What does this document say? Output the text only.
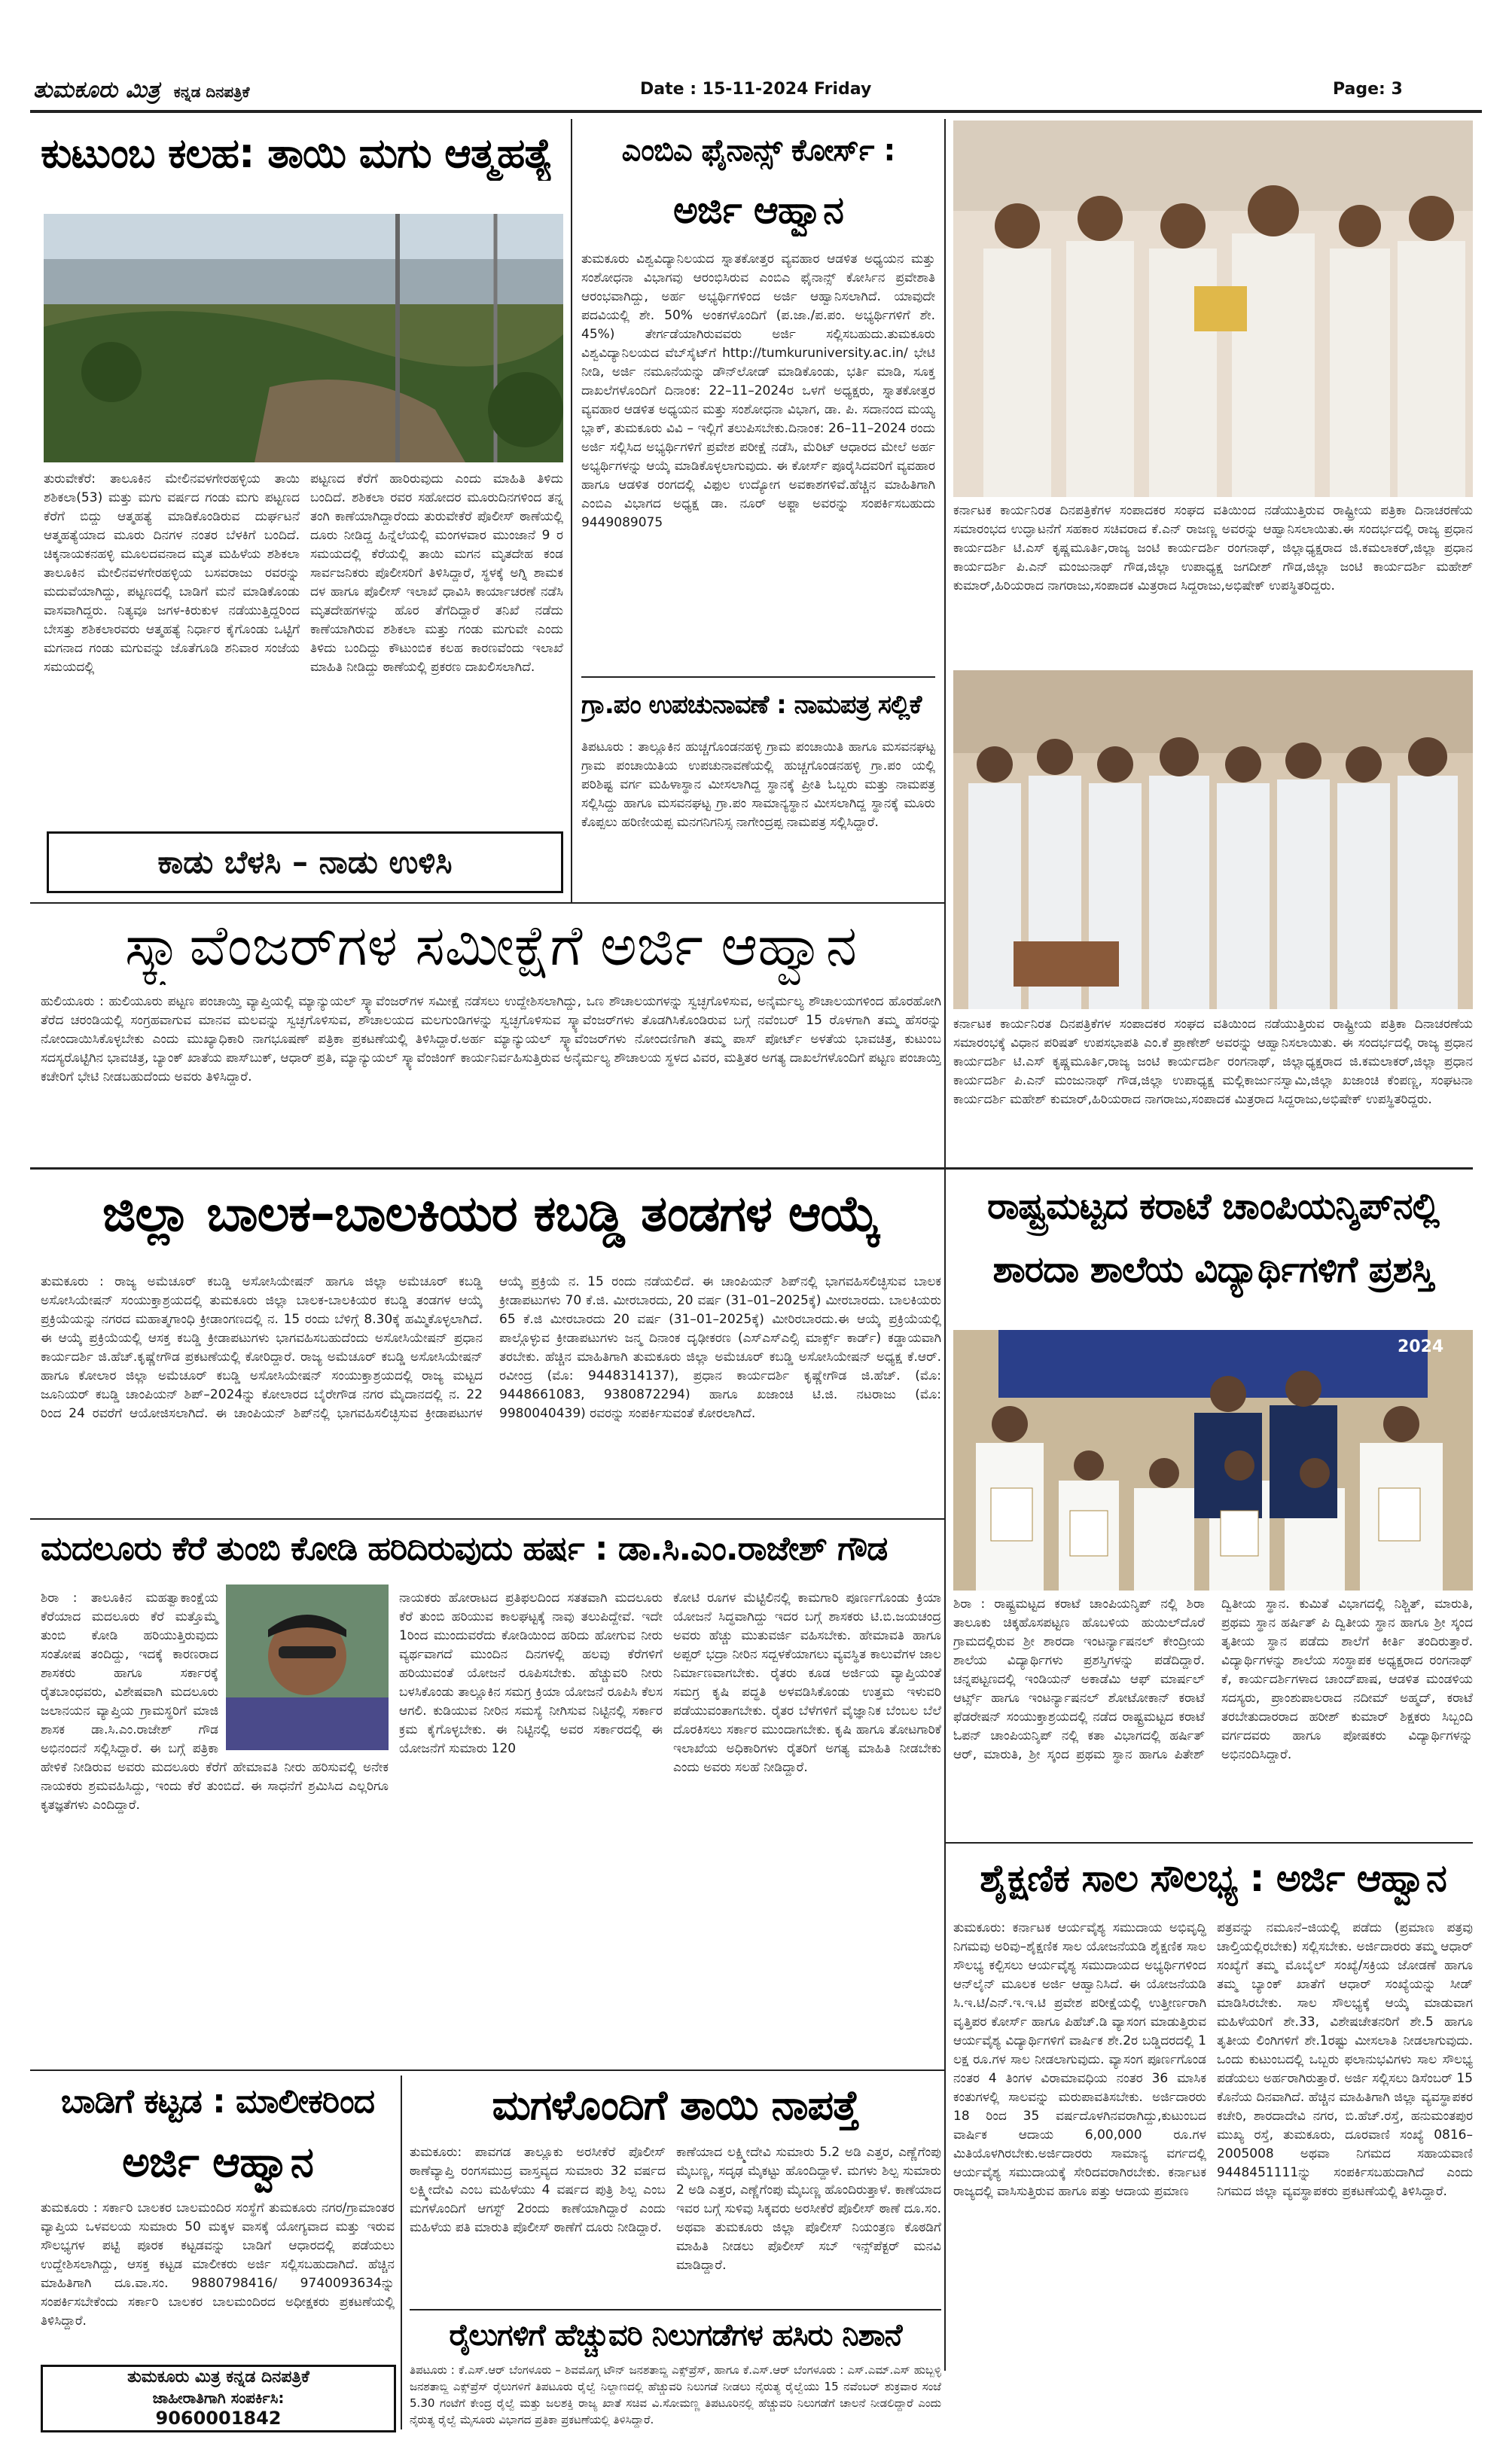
ತುಮಕೂರು ಮಿತ್ರ ಕನ್ನಡ ದಿನಪತ್ರಿಕೆ	Date : 15-11-2024 Friday	Page: 3
ಕುಟುಂಬ ಕಲಹ: ತಾಯಿ ಮಗು ಆತ್ಮಹತ್ಯೆ
ತುರುವೇಕೆರೆ: ತಾಲೂಕಿನ ಮೇಲಿನವಳಗೇರಹಳ್ಳಿಯ ತಾಯಿ ಶಶಿಕಲಾ(53) ಮತ್ತು ಮಗು ವರ್ಷದ ಗಂಡು ಮಗು ಪಟ್ಟಣದ ಕೆರೆಗೆ ಬಿದ್ದು ಆತ್ಮಹತ್ಯೆ ಮಾಡಿಕೊಂಡಿರುವ ದುರ್ಘಟನೆ ಆತ್ಮಹತ್ಯೆಯಾದ ಮೂರು ದಿನಗಳ ನಂತರ ಬೆಳಕಿಗೆ ಬಂದಿದೆ. ಚಿಕ್ಕನಾಯಕನಹಳ್ಳಿ ಮೂಲದವನಾದ ಮೃತ ಮಹಿಳೆಯ ಶಶಿಕಲಾ ತಾಲೂಕಿನ ಮೇಲಿನವಳಗೇರಹಳ್ಳಿಯ ಬಸವರಾಜು ರವರನ್ನು ಮದುವೆಯಾಗಿದ್ದು, ಪಟ್ಟಣದಲ್ಲಿ ಬಾಡಿಗೆ ಮನೆ ಮಾಡಿಕೊಂಡು ವಾಸವಾಗಿದ್ದರು. ನಿತ್ಯವೂ ಜಗಳ-ಕಿರುಕುಳ ನಡೆಯುತ್ತಿದ್ದರಿಂದ ಬೇಸತ್ತು ಶಶಿಕಲಾರವರು ಆತ್ಮಹತ್ಯೆ ನಿರ್ಧಾರ ಕೈಗೊಂಡು ಒಟ್ಟಿಗೆ ಮಗನಾದ ಗಂಡು ಮಗುವನ್ನು ಜೊತೆಗೂಡಿ ಶನಿವಾರ ಸಂಜೆಯ ಸಮಯದಲ್ಲಿ
ಪಟ್ಟಣದ ಕೆರೆಗೆ ಹಾರಿರುವುದು ಎಂದು ಮಾಹಿತಿ ತಿಳಿದು ಬಂದಿದೆ. ಶಶಿಕಲಾ ರವರ ಸಹೋದರ ಮೂರುದಿನಗಳಿಂದ ತನ್ನ ತಂಗಿ ಕಾಣೆಯಾಗಿದ್ದಾರೆಂದು ತುರುವೇಕೆರೆ ಪೊಲೀಸ್ ಠಾಣೆಯಲ್ಲಿ ದೂರು ನೀಡಿದ್ದ ಹಿನ್ನೆಲೆಯಲ್ಲಿ ಮಂಗಳವಾರ ಮುಂಜಾನೆ 9 ರ ಸಮಯದಲ್ಲಿ ಕೆರೆಯಲ್ಲಿ ತಾಯಿ ಮಗನ ಮೃತದೇಹ ಕಂಡ ಸಾರ್ವಜನಿಕರು ಪೊಲೀಸರಿಗೆ ತಿಳಿಸಿದ್ದಾರೆ, ಸ್ಥಳಕ್ಕೆ ಅಗ್ನಿ ಶಾಮಕ ದಳ ಹಾಗೂ ಪೊಲೀಸ್ ಇಲಾಖೆ ಧಾವಿಸಿ ಕಾರ್ಯಾಚರಣೆ ನಡೆಸಿ ಮೃತದೇಹಗಳನ್ನು ಹೊರ ತೆಗೆದಿದ್ದಾರೆ ತನಿಖೆ ನಡೆದು ಕಾಣೆಯಾಗಿರುವ ಶಶಿಕಲಾ ಮತ್ತು ಗಂಡು ಮಗುವೇ ಎಂದು ತಿಳಿದು ಬಂದಿದ್ದು ಕೌಟುಂಬಿಕ ಕಲಹ ಕಾರಣವೆಂದು ಇಲಾಖೆ ಮಾಹಿತಿ ನೀಡಿದ್ದು ಠಾಣೆಯಲ್ಲಿ ಪ್ರಕರಣ ದಾಖಲಿಸಲಾಗಿದೆ.
ಕಾಡು ಬೆಳಸಿ – ನಾಡು ಉಳಿಸಿ
ಎಂಬಿಎ ಫೈನಾನ್ಸ್ ಕೋರ್ಸ್ :
ಅರ್ಜಿ ಆಹ್ವಾನ
ತುಮಕೂರು ವಿಶ್ವವಿದ್ಯಾನಿಲಯದ ಸ್ನಾತಕೋತ್ತರ ವ್ಯವಹಾರ ಆಡಳಿತ ಅಧ್ಯಯನ ಮತ್ತು ಸಂಶೋಧನಾ ವಿಭಾಗವು ಆರಂಭಿಸಿರುವ ಎಂಬಿಎ ಫೈನಾನ್ಸ್ ಕೋರ್ಸಿನ ಪ್ರವೇಶಾತಿ ಆರಂಭವಾಗಿದ್ದು, ಅರ್ಹ ಅಭ್ಯರ್ಥಿಗಳಿಂದ ಅರ್ಜಿ ಆಹ್ವಾನಿಸಲಾಗಿದೆ. ಯಾವುದೇ ಪದವಿಯಲ್ಲಿ ಶೇ. 50% ಅಂಕಗಳೊಂದಿಗೆ (ಪ.ಜಾ./ಪ.ಪಂ. ಅಭ್ಯರ್ಥಿಗಳಿಗೆ ಶೇ. 45%) ತೇರ್ಗಡೆಯಾಗಿರುವವರು ಅರ್ಜಿ ಸಲ್ಲಿಸಬಹುದು.ತುಮಕೂರು ವಿಶ್ವವಿದ್ಯಾನಿಲಯದ ವೆಬ್‌ಸೈಟ್‌ಗೆ http://tumkuruniversity.ac.in/ ಭೇಟಿ ನೀಡಿ, ಅರ್ಜಿ ನಮೂನೆಯನ್ನು ಡೌನ್‌ಲೋಡ್ ಮಾಡಿಕೊಂಡು, ಭರ್ತಿ ಮಾಡಿ, ಸೂಕ್ತ ದಾಖಲೆಗಳೊಂದಿಗೆ ದಿನಾಂಕ: 22–11–2024ರ ಒಳಗೆ ಅಧ್ಯಕ್ಷರು, ಸ್ನಾತಕೋತ್ತರ ವ್ಯವಹಾರ ಆಡಳಿತ ಅಧ್ಯಯನ ಮತ್ತು ಸಂಶೋಧನಾ ವಿಭಾಗ, ಡಾ. ಪಿ. ಸದಾನಂದ ಮಯ್ಯ ಬ್ಲಾಕ್, ತುಮಕೂರು ವಿವಿ – ಇಲ್ಲಿಗೆ ತಲುಪಿಸಬೇಕು.ದಿನಾಂಕ: 26–11–2024 ರಂದು ಅರ್ಜಿ ಸಲ್ಲಿಸಿದ ಅಭ್ಯರ್ಥಿಗಳಿಗೆ ಪ್ರವೇಶ ಪರೀಕ್ಷೆ ನಡೆಸಿ, ಮೆರಿಟ್ ಆಧಾರದ ಮೇಲೆ ಅರ್ಹ ಅಭ್ಯರ್ಥಿಗಳನ್ನು ಆಯ್ಕೆ ಮಾಡಿಕೊಳ್ಳಲಾಗುವುದು. ಈ ಕೋರ್ಸ್ ಪೂರೈಸಿದವರಿಗೆ ವ್ಯವಹಾರ ಹಾಗೂ ಆಡಳಿತ ರಂಗದಲ್ಲಿ ವಿಫುಲ ಉದ್ಯೋಗ ಅವಕಾಶಗಳಿವೆ.ಹೆಚ್ಚಿನ ಮಾಹಿತಿಗಾಗಿ ಎಂಬಿಎ ವಿಭಾಗದ ಅಧ್ಯಕ್ಷ ಡಾ. ನೂರ್ ಅಫ್ಜಾ ಅವರನ್ನು ಸಂಪರ್ಕಿಸಬಹುದು 9449089075
ಗ್ರಾ.ಪಂ ಉಪಚುನಾವಣೆ : ನಾಮಪತ್ರ ಸಲ್ಲಿಕೆ
ತಿಪಟೂರು : ತಾಲ್ಲೂಕಿನ ಹುಚ್ಚಗೊಂಡನಹಳ್ಳಿ ಗ್ರಾಮ ಪಂಚಾಯಿತಿ ಹಾಗೂ ಮಸವನಘಟ್ಟ ಗ್ರಾಮ ಪಂಚಾಯಿತಿಯ ಉಪಚುನಾವಣೆಯಲ್ಲಿ ಹುಚ್ಚಗೊಂಡನಹಳ್ಳಿ ಗ್ರಾ.ಪಂ ಯಲ್ಲಿ ಪರಿಶಿಷ್ಟ ವರ್ಗ ಮಹಿಳಾಸ್ಥಾನ ಮೀಸಲಾಗಿದ್ದ ಸ್ಥಾನಕ್ಕೆ ಪ್ರೀತಿ ಓಬ್ಬರು ಮತ್ತು ನಾಮಪತ್ರ ಸಲ್ಲಿಸಿದ್ದು ಹಾಗೂ ಮಸವನಘಟ್ಟ ಗ್ರಾ.ಪಂ ಸಾಮಾನ್ಯಸ್ಥಾನ ಮೀಸಲಾಗಿದ್ದ ಸ್ಥಾನಕ್ಕೆ ಮೂರು ಕೊಪ್ಪಲು ಹರಿಣೀಯಪ್ಪ ಮನಗನಿಗನಿಸ್ಸ ನಾಗೇಂದ್ರಪ್ಪ ನಾಮಪತ್ರ ಸಲ್ಲಿಸಿದ್ದಾರೆ.
ಕರ್ನಾಟಕ ಕಾರ್ಯನಿರತ ದಿನಪತ್ರಿಕೆಗಳ ಸಂಪಾದಕರ ಸಂಘದ ವತಿಯಿಂದ ನಡೆಯುತ್ತಿರುವ ರಾಷ್ಟ್ರೀಯ ಪತ್ರಿಕಾ ದಿನಾಚರಣೆಯ ಸಮಾರಂಭದ ಉದ್ಘಾಟನೆಗೆ ಸಹಕಾರ ಸಚಿವರಾದ ಕೆ.ಎನ್ ರಾಜಣ್ಣ ಅವರನ್ನು ಆಹ್ವಾನಿಸಲಾಯಿತು.ಈ ಸಂದರ್ಭದಲ್ಲಿ ರಾಜ್ಯ ಪ್ರಧಾನ ಕಾರ್ಯದರ್ಶಿ ಟಿ.ಎಸ್ ಕೃಷ್ಣಮೂರ್ತಿ,ರಾಜ್ಯ ಜಂಟಿ ಕಾರ್ಯದರ್ಶಿ ರಂಗನಾಥ್, ಜಿಲ್ಲಾಧ್ಯಕ್ಷರಾದ ಜಿ.ಕಮಲಾಕರ್,ಜಿಲ್ಲಾ ಪ್ರಧಾನ ಕಾರ್ಯದರ್ಶಿ ಪಿ.ಎನ್ ಮಂಜುನಾಥ್ ಗೌಡ,ಜಿಲ್ಲಾ ಉಪಾಧ್ಯಕ್ಷ ಜಗದೀಶ್ ಗೌಡ,ಜಿಲ್ಲಾ ಜಂಟಿ ಕಾರ್ಯದರ್ಶಿ ಮಹೇಶ್ ಕುಮಾರ್,ಹಿರಿಯರಾದ ನಾಗರಾಜು,ಸಂಪಾದಕ ಮಿತ್ರರಾದ ಸಿದ್ದರಾಜು,ಅಭಿಷೇಕ್ ಉಪಸ್ಥಿತರಿದ್ದರು.
ಕರ್ನಾಟಕ ಕಾರ್ಯನಿರತ ದಿನಪತ್ರಿಕೆಗಳ ಸಂಪಾದಕರ ಸಂಘದ ವತಿಯಿಂದ ನಡೆಯುತ್ತಿರುವ ರಾಷ್ಟ್ರೀಯ ಪತ್ರಿಕಾ ದಿನಾಚರಣೆಯ ಸಮಾರಂಭಕ್ಕೆ ವಿಧಾನ ಪರಿಷತ್ ಉಪಸಭಾಪತಿ ಎಂ.ಕೆ ಪ್ರಾಣೇಶ್ ಅವರನ್ನು ಆಹ್ವಾನಿಸಲಾಯಿತು. ಈ ಸಂದರ್ಭದಲ್ಲಿ ರಾಜ್ಯ ಪ್ರಧಾನ ಕಾರ್ಯದರ್ಶಿ ಟಿ.ಎಸ್ ಕೃಷ್ಣಮೂರ್ತಿ,ರಾಜ್ಯ ಜಂಟಿ ಕಾರ್ಯದರ್ಶಿ ರಂಗನಾಥ್, ಜಿಲ್ಲಾಧ್ಯಕ್ಷರಾದ ಜಿ.ಕಮಲಾಕರ್,ಜಿಲ್ಲಾ ಪ್ರಧಾನ ಕಾರ್ಯದರ್ಶಿ ಪಿ.ಎನ್ ಮಂಜುನಾಥ್ ಗೌಡ,ಜಿಲ್ಲಾ ಉಪಾಧ್ಯಕ್ಷ ಮಲ್ಲಿಕಾರ್ಜುನಸ್ವಾಮಿ,ಜಿಲ್ಲಾ ಖಜಾಂಚಿ ಕೆಂಪಣ್ಣ, ಸಂಘಟನಾ ಕಾರ್ಯದರ್ಶಿ ಮಹೇಶ್ ಕುಮಾರ್,ಹಿರಿಯರಾದ ನಾಗರಾಜು,ಸಂಪಾದಕ ಮಿತ್ರರಾದ ಸಿದ್ದರಾಜು,ಅಭಿಷೇಕ್ ಉಪಸ್ಥಿತರಿದ್ದರು.
ಸ್ಕ್ಯಾವೆಂಜರ್‌ಗಳ ಸಮೀಕ್ಷೆಗೆ ಅರ್ಜಿ ಆಹ್ವಾನ
ಹುಲಿಯೂರು : ಹುಲಿಯೂರು ಪಟ್ಟಣ ಪಂಚಾಯ್ತಿ ವ್ಯಾಪ್ತಿಯಲ್ಲಿ ಮ್ಯಾನ್ಯುಯಲ್ ಸ್ಕ್ಯಾವೆಂಜರ್‌ಗಳ ಸಮೀಕ್ಷೆ ನಡೆಸಲು ಉದ್ದೇಶಿಸಲಾಗಿದ್ದು, ಒಣ ಶೌಚಾಲಯಗಳನ್ನು ಸ್ವಚ್ಛಗೊಳಿಸುವ, ಅನೈರ್ಮಲ್ಯ ಶೌಚಾಲಯಗಳಿಂದ ಹೊರಹೋಗಿ ತೆರೆದ ಚರಂಡಿಯಲ್ಲಿ ಸಂಗ್ರಹವಾಗುವ ಮಾನವ ಮಲವನ್ನು ಸ್ವಚ್ಛಗೊಳಿಸುವ, ಶೌಚಾಲಯದ ಮಲಗುಂಡಿಗಳನ್ನು ಸ್ವಚ್ಛಗೊಳಿಸುವ ಸ್ಕ್ಯಾವೆಂಜರ್‌ಗಳು ತೊಡಗಿಸಿಕೊಂಡಿರುವ ಬಗ್ಗೆ ನವೆಂಬರ್ 15 ರೊಳಗಾಗಿ ತಮ್ಮ ಹೆಸರನ್ನು ನೋಂದಾಯಿಸಿಕೊಳ್ಳಬೇಕು ಎಂದು ಮುಖ್ಯಾಧಿಕಾರಿ ನಾಗಭೂಷಣ್ ಪತ್ರಿಕಾ ಪ್ರಕಟಣೆಯಲ್ಲಿ ತಿಳಿಸಿದ್ದಾರೆ.ಅರ್ಹ ಮ್ಯಾನ್ಯುಯಲ್ ಸ್ಕ್ಯಾವೆಂಜರ್‌ಗಳು ನೋಂದಣಿಗಾಗಿ ತಮ್ಮ ಪಾಸ್ ಪೋರ್ಟ್ ಅಳತೆಯ ಭಾವಚಿತ್ರ, ಕುಟುಂಬ ಸದಸ್ಯರೊಟ್ಟಿಗಿನ ಭಾವಚಿತ್ರ, ಬ್ಯಾಂಕ್ ಖಾತೆಯ ಪಾಸ್‌ಬುಕ್, ಆಧಾರ್ ಪ್ರತಿ, ಮ್ಯಾನ್ಯುಯಲ್ ಸ್ಕ್ಯಾವೆಂಜಿಂಗ್ ಕಾರ್ಯನಿರ್ವಹಿಸುತ್ತಿರುವ ಅನೈರ್ಮಲ್ಯ ಶೌಚಾಲಯ ಸ್ಥಳದ ವಿವರ, ಮತ್ತಿತರ ಅಗತ್ಯ ದಾಖಲೆಗಳೊಂದಿಗೆ ಪಟ್ಟಣ ಪಂಚಾಯ್ತಿ ಕಚೇರಿಗೆ ಭೇಟಿ ನೀಡಬಹುದೆಂದು ಅವರು ತಿಳಿಸಿದ್ದಾರೆ.
ಜಿಲ್ಲಾ ಬಾಲಕ–ಬಾಲಕಿಯರ ಕಬಡ್ಡಿ ತಂಡಗಳ ಆಯ್ಕೆ
ತುಮಕೂರು : ರಾಜ್ಯ ಅಮೆಚೂರ್ ಕಬಡ್ಡಿ ಅಸೋಸಿಯೇಷನ್ ಹಾಗೂ ಜಿಲ್ಲಾ ಅಮೆಚೂರ್ ಕಬಡ್ಡಿ ಅಸೋಸಿಯೇಷನ್ ಸಂಯುಕ್ತಾಶ್ರಯದಲ್ಲಿ ತುಮಕೂರು ಜಿಲ್ಲಾ ಬಾಲಕ-ಬಾಲಕಿಯರ ಕಬಡ್ಡಿ ತಂಡಗಳ ಆಯ್ಕೆ ಪ್ರಕ್ರಿಯೆಯನ್ನು ನಗರದ ಮಹಾತ್ಮಗಾಂಧಿ ಕ್ರೀಡಾಂಗಣದಲ್ಲಿ ನ. 15 ರಂದು ಬೆಳಿಗ್ಗೆ 8.30ಕ್ಕೆ ಹಮ್ಮಿಕೊಳ್ಳಲಾಗಿದೆ. ಈ ಆಯ್ಕೆ ಪ್ರಕ್ರಿಯೆಯಲ್ಲಿ ಆಸಕ್ತ ಕಬಡ್ಡಿ ಕ್ರೀಡಾಪಟುಗಳು ಭಾಗವಹಿಸಬಹುದೆಂದು ಅಸೋಸಿಯೇಷನ್ ಪ್ರಧಾನ ಕಾರ್ಯದರ್ಶಿ ಜಿ.ಹೆಚ್.ಕೃಷ್ಣೇಗೌಡ ಪ್ರಕಟಣೆಯಲ್ಲಿ ಕೋರಿದ್ದಾರೆ. ರಾಜ್ಯ ಅಮೆಚೂರ್ ಕಬಡ್ಡಿ ಅಸೋಸಿಯೇಷನ್ ಹಾಗೂ ಕೋಲಾರ ಜಿಲ್ಲಾ ಅಮೆಚೂರ್ ಕಬಡ್ಡಿ ಅಸೋಸಿಯೇಷನ್ ಸಂಯುಕ್ತಾಶ್ರಯದಲ್ಲಿ ರಾಜ್ಯ ಮಟ್ಟದ ಜೂನಿಯರ್ ಕಬಡ್ಡಿ ಚಾಂಪಿಯನ್ ಶಿಪ್–2024ನ್ನು ಕೋಲಾರದ ಬೈರೇಗೌಡ ನಗರ ಮೈದಾನದಲ್ಲಿ ನ. 22 ರಿಂದ 24 ರವರೆಗೆ ಆಯೋಜಿಸಲಾಗಿದೆ. ಈ ಚಾಂಪಿಯನ್ ಶಿಪ್‌ನಲ್ಲಿ ಭಾಗವಹಿಸಲಿಚ್ಛಿಸುವ ಕ್ರೀಡಾಪಟುಗಳ ಆಯ್ಕೆ ಪ್ರಕ್ರಿಯೆ ನ. 15 ರಂದು ನಡೆಯಲಿದೆ. ಈ ಚಾಂಪಿಯನ್ ಶಿಪ್‌ನಲ್ಲಿ ಭಾಗವಹಿಸಲಿಚ್ಛಿಸುವ ಬಾಲಕ ಕ್ರೀಡಾಪಟುಗಳು 70 ಕೆ.ಜಿ. ಮೀರಬಾರದು, 20 ವರ್ಷ (31–01–2025ಕ್ಕೆ) ಮೀರಬಾರದು. ಬಾಲಕಿಯರು 65 ಕೆ.ಜಿ ಮೀರಬಾರದು 20 ವರ್ಷ (31–01–2025ಕ್ಕೆ) ಮೀರಿರಬಾರದು.ಈ ಆಯ್ಕೆ ಪ್ರಕ್ರಿಯೆಯಲ್ಲಿ ಪಾಲ್ಗೊಳ್ಳುವ ಕ್ರೀಡಾಪಟುಗಳು ಜನ್ಮ ದಿನಾಂಕ ದೃಢೀಕರಣ (ಎಸ್ಎಸ್ಎಲ್ಸಿ ಮಾರ್ಕ್ಸ್ ಕಾರ್ಡ್) ಕಡ್ಡಾಯವಾಗಿ ತರಬೇಕು. ಹೆಚ್ಚಿನ ಮಾಹಿತಿಗಾಗಿ ತುಮಕೂರು ಜಿಲ್ಲಾ ಅಮೆಚೂರ್ ಕಬಡ್ಡಿ ಅಸೋಸಿಯೇಷನ್ ಅಧ್ಯಕ್ಷ ಕೆ.ಆರ್. ರವೀಂದ್ರ (ಮೊ: 9448314137), ಪ್ರಧಾನ ಕಾರ್ಯದರ್ಶಿ ಕೃಷ್ಣೇಗೌಡ ಜಿ.ಹೆಚ್. (ಮೊ: 9448661083, 9380872294) ಹಾಗೂ ಖಜಾಂಚಿ ಟಿ.ಜಿ. ನಟರಾಜು (ಮೊ: 9980040439) ರವರನ್ನು ಸಂಪರ್ಕಿಸುವಂತೆ ಕೋರಲಾಗಿದೆ.
ರಾಷ್ಟ್ರಮಟ್ಟದ ಕರಾಟೆ ಚಾಂಪಿಯನ್ಶಿಪ್‌ನಲ್ಲಿ
ಶಾರದಾ ಶಾಲೆಯ ವಿದ್ಯಾರ್ಥಿಗಳಿಗೆ ಪ್ರಶಸ್ತಿ
2024
ಶಿರಾ : ರಾಷ್ಟ್ರಮಟ್ಟದ ಕರಾಟೆ ಚಾಂಪಿಯನ್ಶಿಪ್ ನಲ್ಲಿ ಶಿರಾ ತಾಲೂಕು ಚಿಕ್ಕಹೊಸಪಟ್ಟಣ ಹೊಬಳಿಯ ಹುಯಿಲ್‌ದೊರೆ ಗ್ರಾಮದಲ್ಲಿರುವ ಶ್ರೀ ಶಾರದಾ ಇಂಟರ್ನ್ಯಾಷನಲ್ ಕೇಂದ್ರೀಯ ಶಾಲೆಯ ವಿದ್ಯಾರ್ಥಿಗಳು ಪ್ರಶಸ್ತಿಗಳನ್ನು ಪಡೆದಿದ್ದಾರೆ. ಚನ್ನಪಟ್ಟಣದಲ್ಲಿ ಇಂಡಿಯನ್ ಅಕಾಡೆಮಿ ಆಫ್ ಮಾರ್ಷಲ್ ಆರ್ಟ್ಸ್ ಹಾಗೂ ಇಂಟರ್ನ್ಯಾಷನಲ್ ಶೋಟೋಕಾನ್ ಕರಾಟೆ ಫೆಡರೇಷನ್ ಸಂಯುಕ್ತಾಶ್ರಯದಲ್ಲಿ ನಡೆದ ರಾಷ್ಟ್ರಮಟ್ಟದ ಕರಾಟೆ ಓಪನ್ ಚಾಂಪಿಯನ್ಶಿಪ್ ನಲ್ಲಿ ಕತಾ ವಿಭಾಗದಲ್ಲಿ ಹರ್ಷಿತ್ ಆರ್, ಮಾರುತಿ, ಶ್ರೀ ಸ್ಕಂದ ಪ್ರಥಮ ಸ್ಥಾನ ಹಾಗೂ ಪಿತೇಶ್ ದ್ವಿತೀಯ ಸ್ಥಾನ. ಕುಮಿತೆ ವಿಭಾಗದಲ್ಲಿ ನಿಶ್ಚಿತ್, ಮಾರುತಿ, ಪ್ರಥಮ ಸ್ಥಾನ ಹರ್ಷಿತ್ ಪಿ ದ್ವಿತೀಯ ಸ್ಥಾನ ಹಾಗೂ ಶ್ರೀ ಸ್ಕಂದ ತೃತೀಯ ಸ್ಥಾನ ಪಡೆದು ಶಾಲೆಗೆ ಕೀರ್ತಿ ತಂದಿರುತ್ತಾರೆ. ವಿದ್ಯಾರ್ಥಿಗಳನ್ನು ಶಾಲೆಯ ಸಂಸ್ಥಾಪಕ ಅಧ್ಯಕ್ಷರಾದ ರಂಗನಾಥ್ ಕೆ, ಕಾರ್ಯದರ್ಶಿಗಳಾದ ಚಾಂದ್‌ಪಾಷ, ಆಡಳಿತ ಮಂಡಳಿಯ ಸದಸ್ಯರು, ಪ್ರಾಂಶುಪಾಲರಾದ ನದೀಮ್ ಅಹ್ಮದ್, ಕರಾಟೆ ತರಬೇತುದಾರರಾದ ಹರೀಶ್ ಕುಮಾರ್ ಶಿಕ್ಷಕರು ಸಿಬ್ಬಂದಿ ವರ್ಗದವರು ಹಾಗೂ ಪೋಷಕರು ವಿದ್ಯಾರ್ಥಿಗಳನ್ನು ಅಭಿನಂದಿಸಿದ್ದಾರೆ.
ಮದಲೂರು ಕೆರೆ ತುಂಬಿ ಕೋಡಿ ಹರಿದಿರುವುದು ಹರ್ಷ : ಡಾ.ಸಿ.ಎಂ.ರಾಜೇಶ್ ಗೌಡ
ಶಿರಾ : ತಾಲೂಕಿನ ಮಹತ್ವಾಕಾಂಕ್ಷೆಯ ಕೆರೆಯಾದ ಮದಲೂರು ಕೆರೆ ಮತ್ತೊಮ್ಮೆ ತುಂಬಿ ಕೋಡಿ ಹರಿಯುತ್ತಿರುವುದು ಸಂತೋಷ ತಂದಿದ್ದು, ಇದಕ್ಕೆ ಕಾರಣರಾದ ಶಾಸಕರು ಹಾಗೂ ಸರ್ಕಾರಕ್ಕೆ ರೈತಬಾಂಧವರು, ವಿಶೇಷವಾಗಿ ಮದಲೂರು ಜಲಾನಯನ ವ್ಯಾಪ್ತಿಯ ಗ್ರಾಮಸ್ಥರಿಗೆ ಮಾಜಿ ಶಾಸಕ ಡಾ.ಸಿ.ಎಂ.ರಾಜೇಶ್ ಗೌಡ ಅಭಿನಂದನೆ ಸಲ್ಲಿಸಿದ್ದಾರೆ. ಈ ಬಗ್ಗೆ ಪತ್ರಿಕಾ ಹೇಳಿಕೆ ನೀಡಿರುವ ಅವರು ಮದಲೂರು ಕೆರೆಗೆ ಹೇಮಾವತಿ ನೀರು ಹರಿಸುವಲ್ಲಿ ಅನೇಕ ನಾಯಕರು ಶ್ರಮವಹಿಸಿದ್ದು, ಇಂದು ಕೆರೆ ತುಂಬಿದೆ. ಈ ಸಾಧನೆಗೆ ಶ್ರಮಿಸಿದ ಎಲ್ಲರಿಗೂ ಕೃತಜ್ಞತೆಗಳು ಎಂದಿದ್ದಾರೆ.
ನಾಯಕರು ಹೋರಾಟದ ಪ್ರತಿಫಲದಿಂದ ಸತತವಾಗಿ ಮದಲೂರು ಕೆರೆ ತುಂಬಿ ಹರಿಯುವ ಕಾಲಘಟ್ಟಕ್ಕೆ ನಾವು ತಲುಪಿದ್ದೇವೆ. ಇದೇ 1ರಿಂದ ಮುಂದುವರೆದು ಕೋಡಿಯಿಂದ ಹರಿದು ಹೋಗುವ ನೀರು ವ್ಯರ್ಥವಾಗದೆ ಮುಂದಿನ ದಿನಗಳಲ್ಲಿ ಹಲವು ಕೆರೆಗಳಿಗೆ ಹರಿಯುವಂತೆ ಯೋಜನೆ ರೂಪಿಸಬೇಕು. ಹೆಚ್ಚುವರಿ ನೀರು ಬಳಸಿಕೊಂಡು ತಾಲ್ಲೂಕಿನ ಸಮಗ್ರ ಕ್ರಿಯಾ ಯೋಜನೆ ರೂಪಿಸಿ ಕೆಲಸ ಆಗಲಿ. ಕುಡಿಯುವ ನೀರಿನ ಸಮಸ್ಯೆ ನೀಗಿಸುವ ನಿಟ್ಟಿನಲ್ಲಿ ಸರ್ಕಾರ ಕ್ರಮ ಕೈಗೊಳ್ಳಬೇಕು. ಈ ನಿಟ್ಟಿನಲ್ಲಿ ಅವರ ಸರ್ಕಾರದಲ್ಲಿ ಈ ಯೋಜನೆಗೆ ಸುಮಾರು 120
ಕೋಟಿ ರೂಗಳ ಮೆಟ್ಟಿಲಿನಲ್ಲಿ ಕಾಮಗಾರಿ ಪೂರ್ಣಗೊಂಡು ಕ್ರಿಯಾ ಯೋಜನೆ ಸಿದ್ಧವಾಗಿದ್ದು ಇದರ ಬಗ್ಗೆ ಶಾಸಕರು ಟಿ.ಬಿ.ಜಯಚಂದ್ರ ಅವರು ಹೆಚ್ಚು ಮುತುವರ್ಜಿ ವಹಿಸಬೇಕು. ಹೇಮಾವತಿ ಹಾಗೂ ಅಪ್ಪರ್ ಭದ್ರಾ ನೀರಿನ ಸದ್ಬಳಕೆಯಾಗಲು ವ್ಯವಸ್ಥಿತ ಕಾಲುವೆಗಳ ಜಾಲ ನಿರ್ಮಾಣವಾಗಬೇಕು. ರೈತರು ಕೂಡ ಅರ್ಜಿಯ ವ್ಯಾಪ್ತಿಯಂತೆ ಸಮಗ್ರ ಕೃಷಿ ಪದ್ಧತಿ ಅಳವಡಿಸಿಕೊಂಡು ಉತ್ತಮ ಇಳುವರಿ ಪಡೆಯುವಂತಾಗಬೇಕು. ರೈತರ ಬೆಳೆಗಳಿಗೆ ವೈಜ್ಞಾನಿಕ ಬೆಂಬಲ ಬೆಲೆ ದೊರಕಿಸಲು ಸರ್ಕಾರ ಮುಂದಾಗಬೇಕು. ಕೃಷಿ ಹಾಗೂ ತೋಟಗಾರಿಕೆ ಇಲಾಖೆಯ ಅಧಿಕಾರಿಗಳು ರೈತರಿಗೆ ಅಗತ್ಯ ಮಾಹಿತಿ ನೀಡಬೇಕು ಎಂದು ಅವರು ಸಲಹೆ ನೀಡಿದ್ದಾರೆ.
ಬಾಡಿಗೆ ಕಟ್ಟಡ : ಮಾಲೀಕರಿಂದ
ಅರ್ಜಿ ಆಹ್ವಾನ
ತುಮಕೂರು : ಸರ್ಕಾರಿ ಬಾಲಕರ ಬಾಲಮಂದಿರ ಸಂಸ್ಥೆಗೆ ತುಮಕೂರು ನಗರ/ಗ್ರಾಮಾಂತರ ವ್ಯಾಪ್ತಿಯ ಒಳವಲಯ ಸುಮಾರು 50 ಮಕ್ಕಳ ವಾಸಕ್ಕೆ ಯೋಗ್ಯವಾದ ಮತ್ತು ಇರುವ ಸೌಲಭ್ಯಗಳ ಪಟ್ಟಿ ಪೂರಕ ಕಟ್ಟಡವನ್ನು ಬಾಡಿಗೆ ಆಧಾರದಲ್ಲಿ ಪಡೆಯಲು ಉದ್ದೇಶಿಸಲಾಗಿದ್ದು, ಆಸಕ್ತ ಕಟ್ಟಡ ಮಾಲೀಕರು ಅರ್ಜಿ ಸಲ್ಲಿಸಬಹುದಾಗಿದೆ. ಹೆಚ್ಚಿನ ಮಾಹಿತಿಗಾಗಿ ದೂ.ವಾ.ಸಂ. 9880798416/ 9740093634ನ್ನು ಸಂಪರ್ಕಿಸಬೇಕೆಂದು ಸರ್ಕಾರಿ ಬಾಲಕರ ಬಾಲಮಂದಿರದ ಅಧೀಕ್ಷಕರು ಪ್ರಕಟಣೆಯಲ್ಲಿ ತಿಳಿಸಿದ್ದಾರೆ.
ತುಮಕೂರು ಮಿತ್ರ ಕನ್ನಡ ದಿನಪತ್ರಿಕೆ
ಜಾಹೀರಾತಿಗಾಗಿ ಸಂಪರ್ಕಿಸಿ:
9060001842
ಮಗಳೊಂದಿಗೆ ತಾಯಿ ನಾಪತ್ತೆ
ತುಮಕೂರು: ಪಾವಗಡ ತಾಲ್ಲೂಕು ಅರಸೀಕೆರೆ ಪೊಲೀಸ್ ಠಾಣೆವ್ಯಾಪ್ತಿ ರಂಗಸಮುದ್ರ ವಾಸ್ತವ್ಯದ ಸುಮಾರು 32 ವರ್ಷದ ಲಕ್ಷ್ಮೀದೇವಿ ಎಂಬ ಮಹಿಳೆಯು 4 ವರ್ಷದ ಪುತ್ರಿ ಶಿಲ್ಪ ಎಂಬ ಮಗಳೊಂದಿಗೆ ಆಗಸ್ಟ್ 2ರಂದು ಕಾಣೆಯಾಗಿದ್ದಾರೆ ಎಂದು ಮಹಿಳೆಯ ಪತಿ ಮಾರುತಿ ಪೊಲೀಸ್ ಠಾಣೆಗೆ ದೂರು ನೀಡಿದ್ದಾರೆ.
ಕಾಣೆಯಾದ ಲಕ್ಷ್ಮೀದೇವಿ ಸುಮಾರು 5.2 ಅಡಿ ಎತ್ತರ, ಎಣ್ಣೆಗೆಂಪು ಮೈಬಣ್ಣ, ಸದೃಢ ಮೈಕಟ್ಟು ಹೊಂದಿದ್ದಾಳೆ. ಮಗಳು ಶಿಲ್ಪ ಸುಮಾರು 2 ಅಡಿ ಎತ್ತರ, ಎಣ್ಣೆಗೆಂಪು ಮೈಬಣ್ಣ ಹೊಂದಿರುತ್ತಾಳೆ. ಕಾಣೆಯಾದ ಇವರ ಬಗ್ಗೆ ಸುಳಿವು ಸಿಕ್ಕವರು ಅರಸೀಕೆರೆ ಪೊಲೀಸ್ ಠಾಣೆ ದೂ.ಸಂ. ಅಥವಾ ತುಮಕೂರು ಜಿಲ್ಲಾ ಪೊಲೀಸ್ ನಿಯಂತ್ರಣ ಕೊಠಡಿಗೆ ಮಾಹಿತಿ ನೀಡಲು ಪೊಲೀಸ್ ಸಬ್ ಇನ್ಸ್‌ಪೆಕ್ಟರ್ ಮನವಿ ಮಾಡಿದ್ದಾರೆ.
ರೈಲುಗಳಿಗೆ ಹೆಚ್ಚುವರಿ ನಿಲುಗಡೆಗಳ ಹಸಿರು ನಿಶಾನೆ
ತಿಪಟೂರು : ಕೆ.ಎಸ್.ಆರ್ ಬೆಂಗಳೂರು – ಶಿವಮೊಗ್ಗ ಟೌನ್ ಜನಶತಾಬ್ದಿ ಎಕ್ಸ್‌ಪ್ರೆಸ್, ಹಾಗೂ ಕೆ.ಎಸ್.ಆರ್ ಬೆಂಗಳೂರು : ಎಸ್.ಎಮ್.ಎಸ್ ಹುಬ್ಬಳ್ಳಿ ಜನಶತಾಬ್ದಿ ಎಕ್ಸ್‌ಪ್ರೆಸ್ ರೈಲುಗಳಿಗೆ ತಿಪಟೂರು ರೈಲ್ವೆ ನಿಲ್ದಾಣದಲ್ಲಿ ಹೆಚ್ಚುವರಿ ನಿಲುಗಡೆ ನೀಡಲು ನೈರುತ್ಯ ರೈಲ್ವೆಯು 15 ನವೆಂಬರ್ ಶುಕ್ರವಾರ ಸಂಜೆ 5.30 ಗಂಟೆಗೆ ಕೇಂದ್ರ ರೈಲ್ವೆ ಮತ್ತು ಜಲಶಕ್ತಿ ರಾಜ್ಯ ಖಾತೆ ಸಚಿವ ವಿ.ಸೋಮಣ್ಣ ತಿಪಟೂರಿನಲ್ಲಿ ಹೆಚ್ಚುವರಿ ನಿಲುಗಡೆಗೆ ಚಾಲನೆ ನೀಡಲಿದ್ದಾರೆ ಎಂದು ನೈರುತ್ಯ ರೈಲ್ವೆ ಮೈಸೂರು ವಿಭಾಗದ ಪ್ರತಿಕಾ ಪ್ರಕಟಣೆಯಲ್ಲಿ ತಿಳಿಸಿದ್ದಾರೆ.
ಶೈಕ್ಷಣಿಕ ಸಾಲ ಸೌಲಭ್ಯ : ಅರ್ಜಿ ಆಹ್ವಾನ
ತುಮಕೂರು: ಕರ್ನಾಟಕ ಆರ್ಯವೈಶ್ಯ ಸಮುದಾಯ ಅಭಿವೃದ್ಧಿ ನಿಗಮವು ಅರಿವು–ಶೈಕ್ಷಣಿಕ ಸಾಲ ಯೋಜನೆಯಡಿ ಶೈಕ್ಷಣಿಕ ಸಾಲ ಸೌಲಭ್ಯ ಕಲ್ಪಿಸಲು ಆರ್ಯವೈಶ್ಯ ಸಮುದಾಯದ ಅಭ್ಯರ್ಥಿಗಳಿಂದ ಆನ್‌ಲೈನ್ ಮೂಲಕ ಅರ್ಜಿ ಆಹ್ವಾನಿಸಿದೆ. ಈ ಯೋಜನೆಯಡಿ ಸಿ.ಇ.ಟಿ/ಎನ್.ಇ.ಇ.ಟಿ ಪ್ರವೇಶ ಪರೀಕ್ಷೆಯಲ್ಲಿ ಉತ್ತೀರ್ಣರಾಗಿ ವೃತ್ತಿಪರ ಕೋರ್ಸ್ ಹಾಗೂ ಪಿಹೆಚ್.ಡಿ ವ್ಯಾಸಂಗ ಮಾಡುತ್ತಿರುವ ಆರ್ಯವೈಶ್ಯ ವಿದ್ಯಾರ್ಥಿಗಳಿಗೆ ವಾರ್ಷಿಕ ಶೇ.2ರ ಬಡ್ಡಿದರದಲ್ಲಿ 1 ಲಕ್ಷ ರೂ.ಗಳ ಸಾಲ ನೀಡಲಾಗುವುದು. ವ್ಯಾಸಂಗ ಪೂರ್ಣಗೊಂಡ ನಂತರ 4 ತಿಂಗಳ ವಿರಾಮಾವಧಿಯ ನಂತರ 36 ಮಾಸಿಕ ಕಂತುಗಳಲ್ಲಿ ಸಾಲವನ್ನು ಮರುಪಾವತಿಸಬೇಕು. ಅರ್ಜಿದಾರರು 18 ರಿಂದ 35 ವರ್ಷದೊಳಗಿನವರಾಗಿದ್ದು,ಕುಟುಂಬದ ವಾರ್ಷಿಕ ಆದಾಯ 6,00,000 ರೂ.ಗಳ ಮಿತಿಯೊಳಗಿರಬೇಕು.ಅರ್ಜಿದಾರರು ಸಾಮಾನ್ಯ ವರ್ಗದಲ್ಲಿ ಆರ್ಯವೈಶ್ಯ ಸಮುದಾಯಕ್ಕೆ ಸೇರಿದವರಾಗಿರಬೇಕು. ಕರ್ನಾಟಕ ರಾಜ್ಯದಲ್ಲಿ ವಾಸಿಸುತ್ತಿರುವ ಹಾಗೂ ಪತ್ತು ಆದಾಯ ಪ್ರಮಾಣ
ಪತ್ರವನ್ನು ನಮೂನೆ–ಜಿಯಲ್ಲಿ ಪಡೆದು (ಪ್ರಮಾಣ ಪತ್ರವು ಚಾಲ್ತಿಯಲ್ಲಿರಬೇಕು) ಸಲ್ಲಿಸಬೇಕು. ಅರ್ಜಿದಾರರು ತಮ್ಮ ಆಧಾರ್ ಸಂಖ್ಯೆಗೆ ತಮ್ಮ ಮೊಬೈಲ್ ಸಂಖ್ಯೆ/ಸಕ್ರಿಯ ಜೋಡಣೆ ಹಾಗೂ ತಮ್ಮ ಬ್ಯಾಂಕ್ ಖಾತೆಗೆ ಆಧಾರ್ ಸಂಖ್ಯೆಯನ್ನು ಸೀಡ್ ಮಾಡಿಸಿರಬೇಕು. ಸಾಲ ಸೌಲಭ್ಯಕ್ಕೆ ಆಯ್ಕೆ ಮಾಡುವಾಗ ಮಹಿಳೆಯರಿಗೆ ಶೇ.33, ವಿಶೇಷಚೇತನರಿಗೆ ಶೇ.5 ಹಾಗೂ ತೃತೀಯ ಲಿಂಗಿಗಳಿಗೆ ಶೇ.1ರಷ್ಟು ಮೀಸಲಾತಿ ನೀಡಲಾಗುವುದು. ಒಂದು ಕುಟುಂಬದಲ್ಲಿ ಒಬ್ಬರು ಫಲಾನುಭವಿಗಳು ಸಾಲ ಸೌಲಭ್ಯ ಪಡೆಯಲು ಅರ್ಹರಾಗಿರುತ್ತಾರೆ. ಅರ್ಜಿ ಸಲ್ಲಿಸಲು ಡಿಸೆಂಬರ್ 15 ಕೊನೆಯ ದಿನವಾಗಿದೆ. ಹೆಚ್ಚಿನ ಮಾಹಿತಿಗಾಗಿ ಜಿಲ್ಲಾ ವ್ಯವಸ್ಥಾಪಕರ ಕಚೇರಿ, ಶಾರದಾದೇವಿ ನಗರ, ಬಿ.ಹೆಚ್.ರಸ್ತೆ, ಹನುಮಂತಪುರ ಮುಖ್ಯ ರಸ್ತೆ, ತುಮಕೂರು, ದೂರವಾಣಿ ಸಂಖ್ಯೆ 0816–2005008 ಅಥವಾ ನಿಗಮದ ಸಹಾಯವಾಣಿ 9448451111ನ್ನು ಸಂಪರ್ಕಿಸಬಹುದಾಗಿದೆ ಎಂದು ನಿಗಮದ ಜಿಲ್ಲಾ ವ್ಯವಸ್ಥಾಪಕರು ಪ್ರಕಟಣೆಯಲ್ಲಿ ತಿಳಿಸಿದ್ದಾರೆ.
